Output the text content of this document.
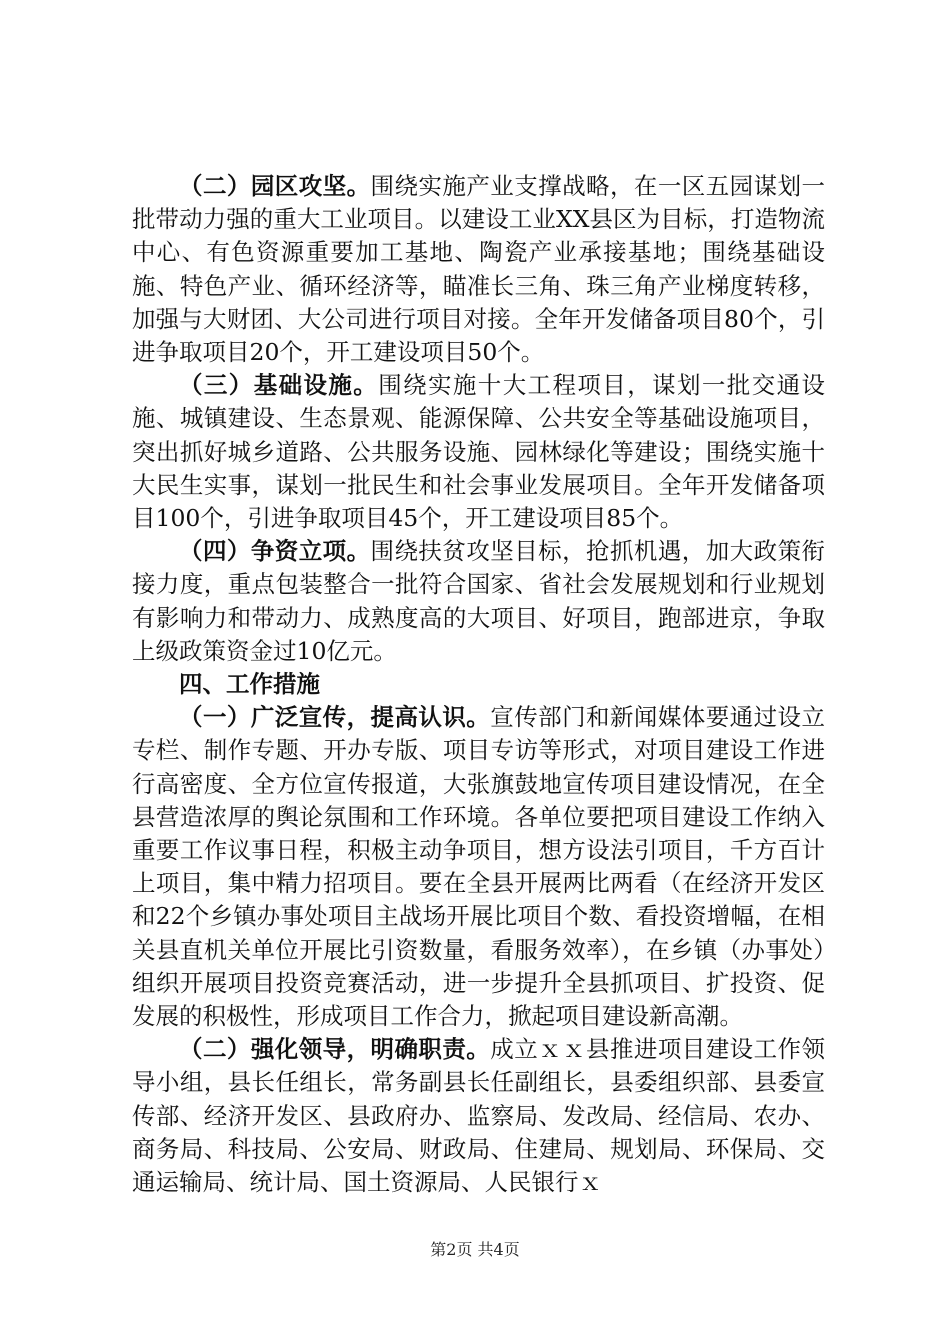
（二）园区攻坚。围绕实施产业支撑战略，在一区五园谋划一批带动力强的重大工业项目。以建设工业XX县区为目标，打造物流中心、有色资源重要加工基地、陶瓷产业承接基地；围绕基础设施、特色产业、循环经济等，瞄准长三角、珠三角产业梯度转移，加强与大财团、大公司进行项目对接。全年开发储备项目80个，引进争取项目20个，开工建设项目50个。

（三）基础设施。围绕实施十大工程项目，谋划一批交通设施、城镇建设、生态景观、能源保障、公共安全等基础设施项目，突出抓好城乡道路、公共服务设施、园林绿化等建设；围绕实施十大民生实事，谋划一批民生和社会事业发展项目。全年开发储备项目100个，引进争取项目45个，开工建设项目85个。

（四）争资立项。围绕扶贫攻坚目标，抢抓机遇，加大政策衔接力度，重点包装整合一批符合国家、省社会发展规划和行业规划有影响力和带动力、成熟度高的大项目、好项目，跑部进京，争取上级政策资金过10亿元。

四、工作措施

（一）广泛宣传，提高认识。宣传部门和新闻媒体要通过设立专栏、制作专题、开办专版、项目专访等形式，对项目建设工作进行高密度、全方位宣传报道，大张旗鼓地宣传项目建设情况，在全县营造浓厚的舆论氛围和工作环境。各单位要把项目建设工作纳入重要工作议事日程，积极主动争项目，想方设法引项目，千方百计上项目，集中精力招项目。要在全县开展两比两看（在经济开发区和22个乡镇办事处项目主战场开展比项目个数、看投资增幅，在相关县直机关单位开展比引资数量，看服务效率），在乡镇（办事处）组织开展项目投资竞赛活动，进一步提升全县抓项目、扩投资、促发展的积极性，形成项目工作合力，掀起项目建设新高潮。

（二）强化领导，明确职责。成立ｘｘ县推进项目建设工作领导小组，县长任组长，常务副县长任副组长，县委组织部、县委宣传部、经济开发区、县政府办、监察局、发改局、经信局、农办、商务局、科技局、公安局、财政局、住建局、规划局、环保局、交通运输局、统计局、国土资源局、人民银行ｘ

第2页 共4页
